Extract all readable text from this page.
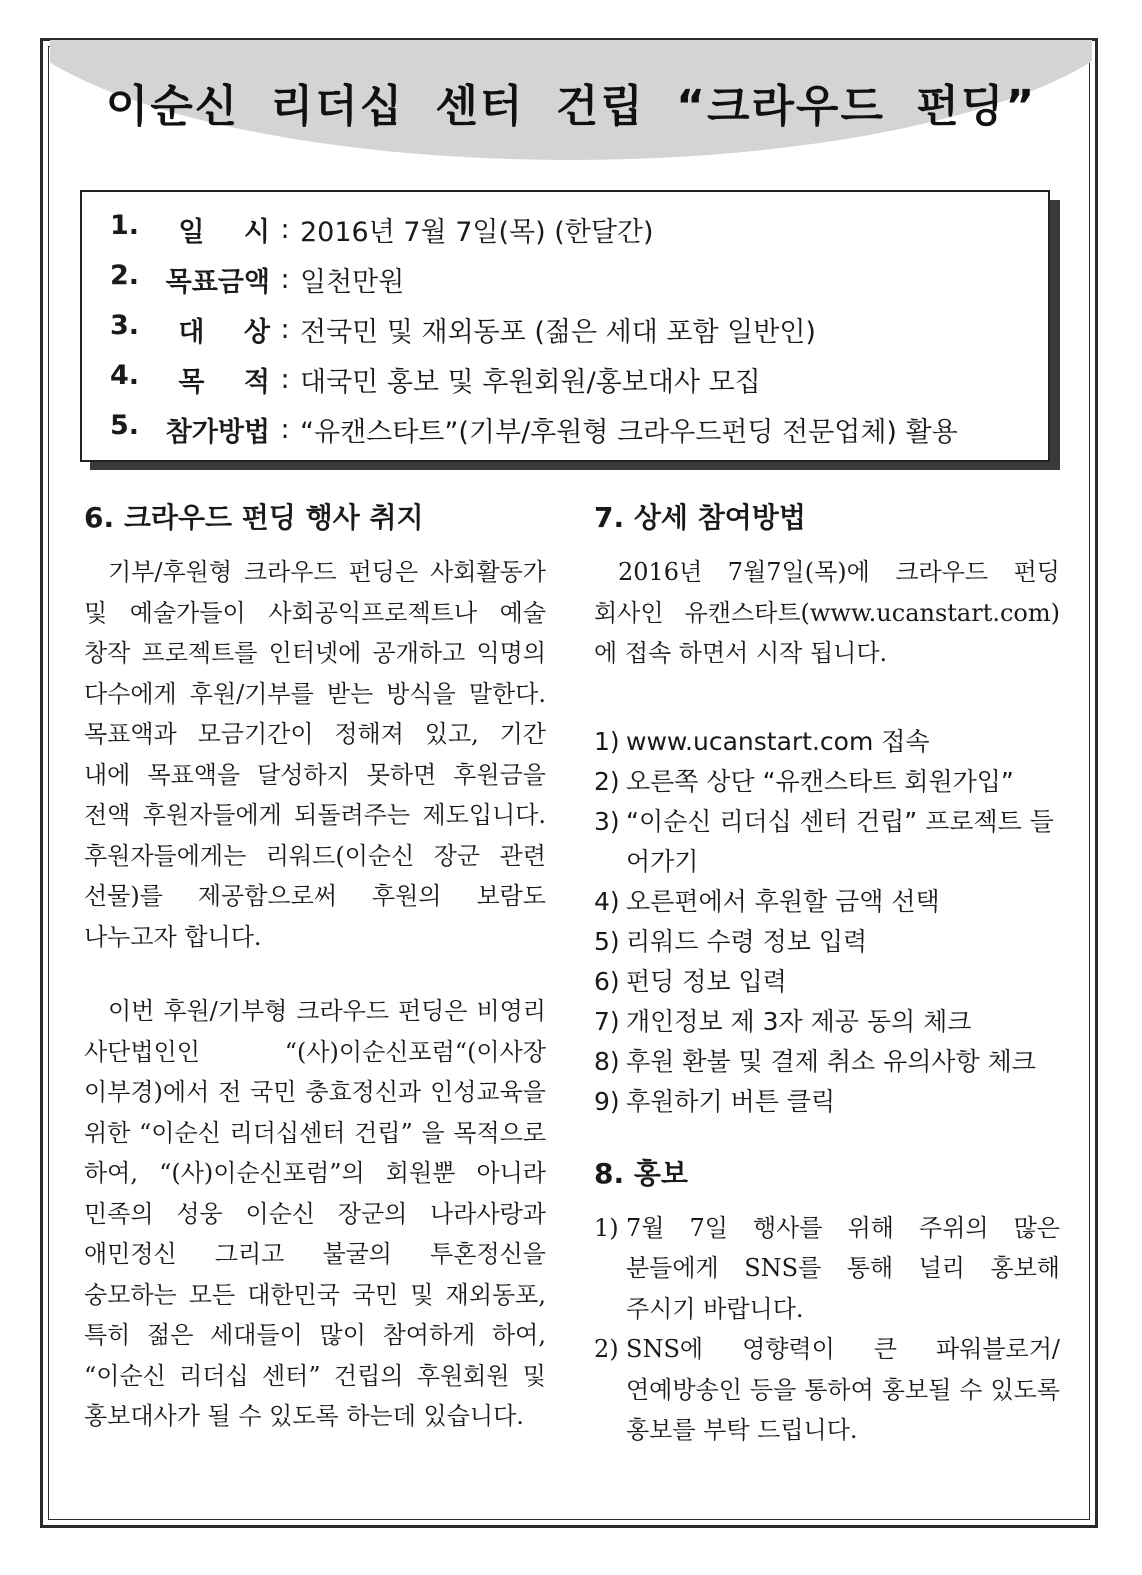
이순신 리더십 센터 건립 “크라우드 펀딩”
1. 일 시 : 2016년 7월 7일(목) (한달간)
2. 목표금액 : 일천만원
3. 대 상 : 전국민 및 재외동포 (젊은 세대 포함 일반인)
4. 목 적 : 대국민 홍보 및 후원회원/홍보대사 모집
5. 참가방법 : “유캔스타트”(기부/후원형 크라우드펀딩 전문업체) 활용
6. 크라우드 펀딩 행사 취지

기부/후원형 크라우드 펀딩은 사회활동가 및 예술가들이 사회공익프로젝트나 예술 창작 프로젝트를 인터넷에 공개하고 익명의 다수에게 후원/기부를 받는 방식을 말한다. 목표액과 모금기간이 정해져 있고, 기간 내에 목표액을 달성하지 못하면 후원금을 전액 후원자들에게 되돌려주는 제도입니다. 후원자들에게는 리워드(이순신 장군 관련 선물)를 제공함으로써 후원의 보람도 나누고자 합니다.

이번 후원/기부형 크라우드 펀딩은 비영리 사단법인인 “(사)이순신포럼“(이사장 이부경)에서 전 국민 충효정신과 인성교육을 위한 “이순신 리더십센터 건립” 을 목적으로 하여, “(사)이순신포럼”의 회원뿐 아니라 민족의 성웅 이순신 장군의 나라사랑과 애민정신 그리고 불굴의 투혼정신을 숭모하는 모든 대한민국 국민 및 재외동포, 특히 젊은 세대들이 많이 참여하게 하여, “이순신 리더십 센터” 건립의 후원회원 및 홍보대사가 될 수 있도록 하는데 있습니다.

7. 상세 참여방법

2016년 7월7일(목)에 크라우드 펀딩 회사인 유캔스타트(www.ucanstart.com)에 접속 하면서 시작 됩니다.

1) www.ucanstart.com 접속
2) 오른쪽 상단 “유캔스타트 회원가입”
3) “이순신 리더십 센터 건립” 프로젝트 들어가기
4) 오른편에서 후원할 금액 선택
5) 리워드 수령 정보 입력
6) 펀딩 정보 입력
7) 개인정보 제 3자 제공 동의 체크
8) 후원 환불 및 결제 취소 유의사항 체크
9) 후원하기 버튼 클릭
8. 홍보
1) 7월 7일 행사를 위해 주위의 많은 분들에게 SNS를 통해 널리 홍보해 주시기 바랍니다.
2) SNS에 영향력이 큰 파워블로거/연예방송인 등을 통하여 홍보될 수 있도록 홍보를 부탁 드립니다.
